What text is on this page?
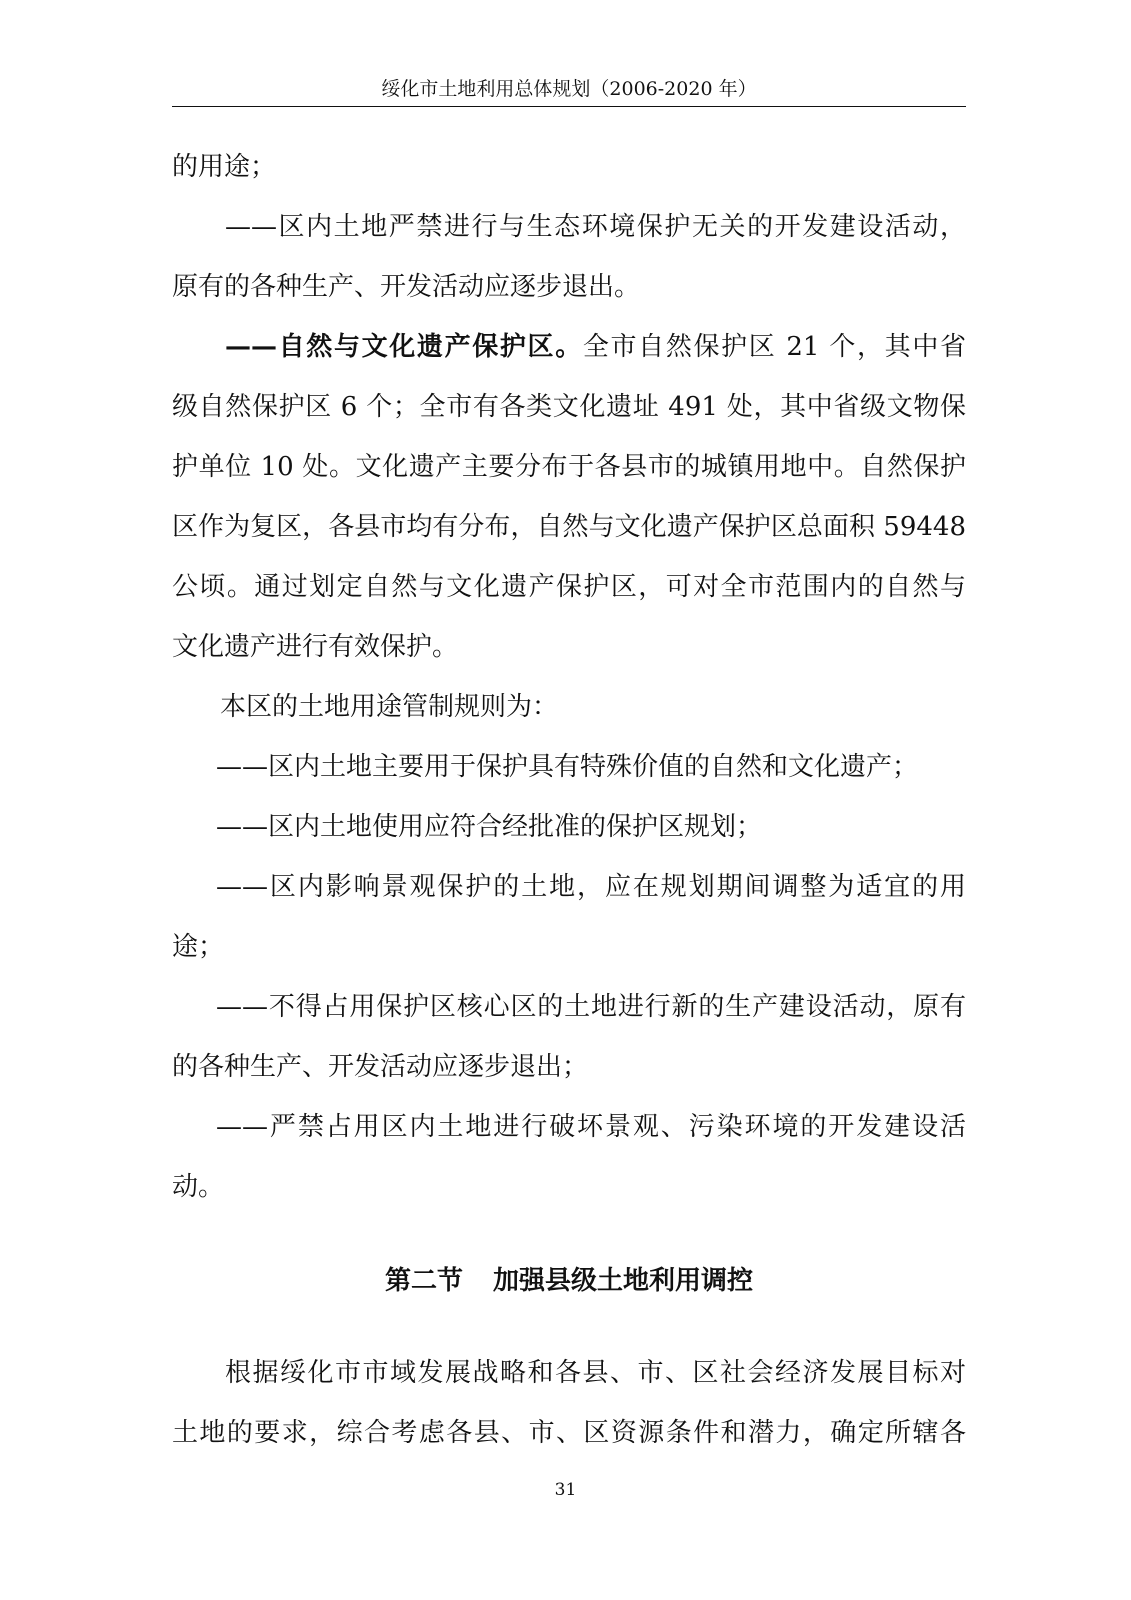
绥化市土地利用总体规划（2006-2020 年）
的用途；
——区内土地严禁进行与生态环境保护无关的开发建设活动，
原有的各种生产、开发活动应逐步退出。
——自然与文化遗产保护区。全市自然保护区 21 个，其中省
级自然保护区 6 个；全市有各类文化遗址 491 处，其中省级文物保
护单位 10 处。文化遗产主要分布于各县市的城镇用地中。自然保护
区作为复区，各县市均有分布，自然与文化遗产保护区总面积 59448
公顷。通过划定自然与文化遗产保护区，可对全市范围内的自然与
文化遗产进行有效保护。
本区的土地用途管制规则为：
——区内土地主要用于保护具有特殊价值的自然和文化遗产；
——区内土地使用应符合经批准的保护区规划；
——区内影响景观保护的土地，应在规划期间调整为适宜的用
途；
——不得占用保护区核心区的土地进行新的生产建设活动，原有
的各种生产、开发活动应逐步退出；
——严禁占用区内土地进行破坏景观、污染环境的开发建设活
动。
第二节 加强县级土地利用调控
根据绥化市市域发展战略和各县、市、区社会经济发展目标对
土地的要求，综合考虑各县、市、区资源条件和潜力，确定所辖各
31
